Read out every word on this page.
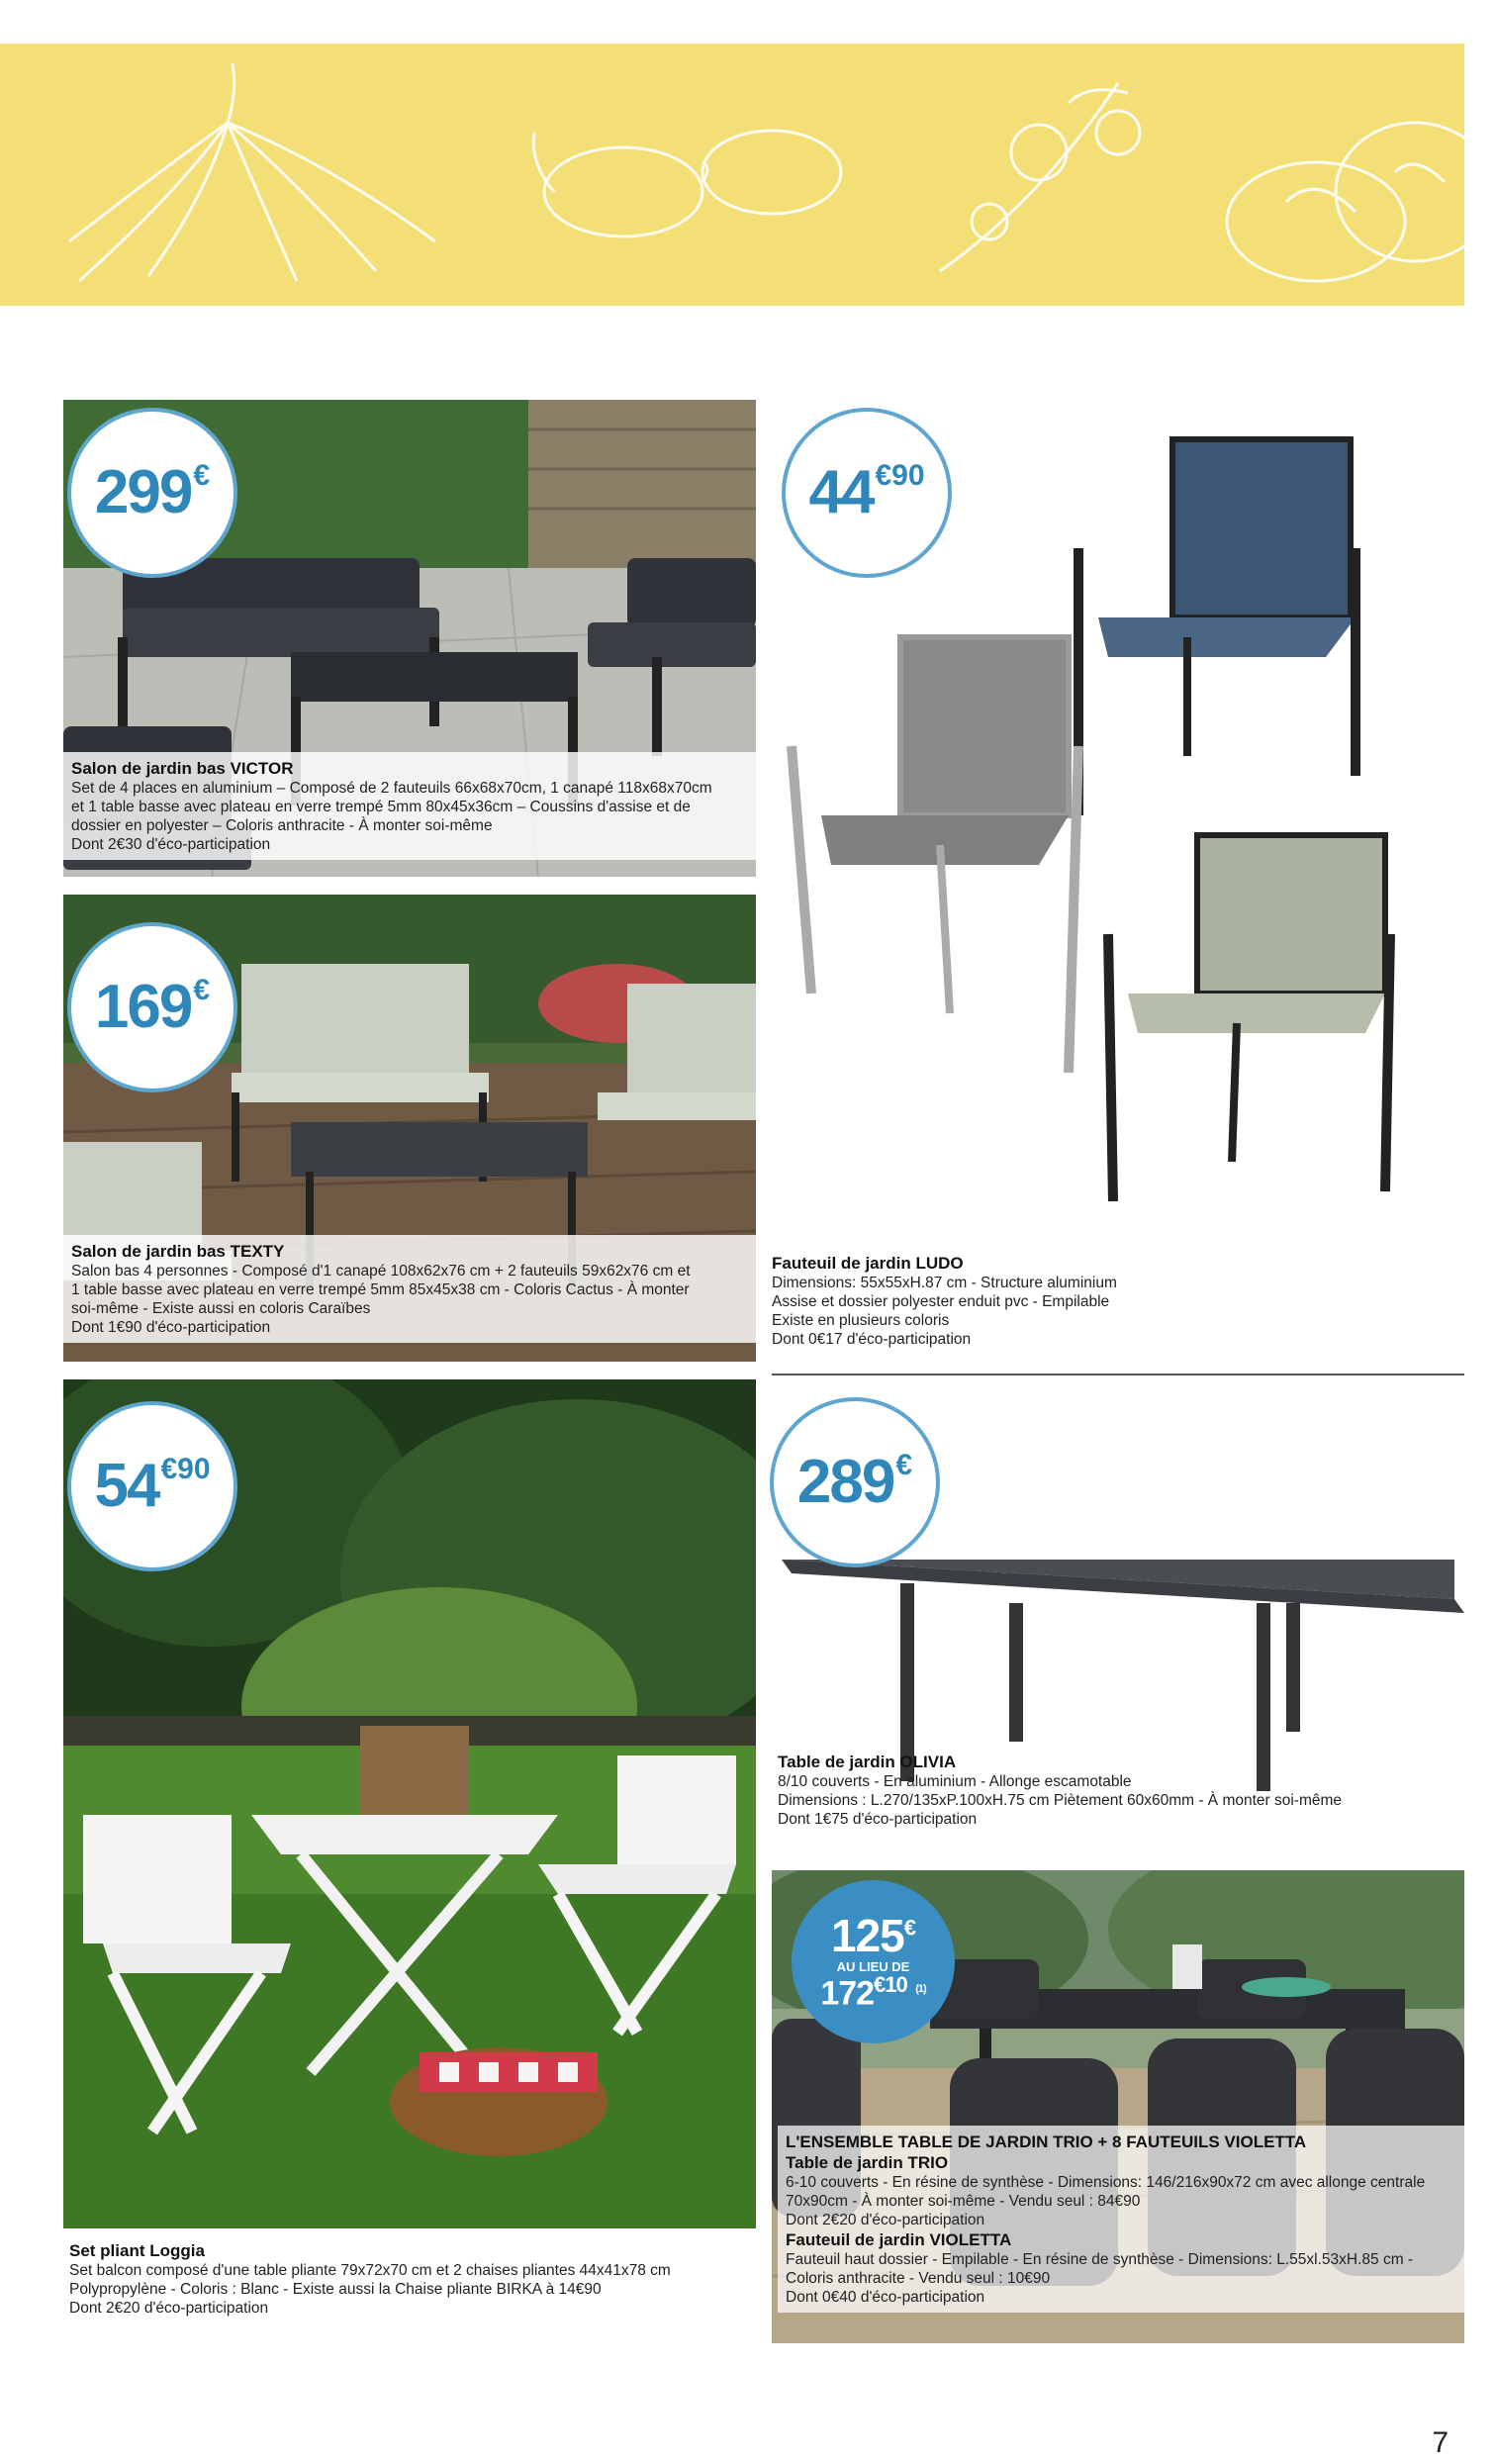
299 €
Salon de jardin bas VICTOR
Set de 4 places en aluminium – Composé de 2 fauteuils 66x68x70cm, 1 canapé 118x68x70cm
et 1 table basse avec plateau en verre trempé 5mm 80x45x36cm – Coussins d'assise et de
dossier en polyester – Coloris anthracite - À monter soi-même
Dont 2€30 d'éco-participation
169 €
Salon de jardin bas TEXTY
Salon bas 4 personnes - Composé d'1 canapé 108x62x76 cm + 2 fauteuils 59x62x76 cm et
1 table basse avec plateau en verre trempé 5mm 85x45x38 cm - Coloris Cactus - À monter
soi-même - Existe aussi en coloris Caraïbes
Dont 1€90 d'éco-participation
44 €90
Fauteuil de jardin LUDO
Dimensions: 55x55xH.87 cm - Structure aluminium
Assise et dossier polyester enduit pvc - Empilable
Existe en plusieurs coloris
Dont 0€17 d'éco-participation
54 €90
Set pliant Loggia
Set balcon composé d'une table pliante 79x72x70 cm et 2 chaises pliantes 44x41x78 cm
Polypropylène - Coloris : Blanc - Existe aussi la Chaise pliante BIRKA à 14€90
Dont 2€20 d'éco-participation
289 €
Table de jardin OLIVIA
8/10 couverts - En aluminium - Allonge escamotable
Dimensions : L.270/135xP.100xH.75 cm Piètement 60x60mm - À monter soi-même
Dont 1€75 d'éco-participation
125€
AU LIEU DE
$172^{€10}$ $^{(1)}$
L'ENSEMBLE TABLE DE JARDIN TRIO + 8 FAUTEUILS VIOLETTA
Table de jardin TRIO
6-10 couverts - En résine de synthèse - Dimensions: 146/216x90x72 cm avec allonge centrale
70x90cm - À monter soi-même - Vendu seul : 84€90
Dont 2€20 d'éco-participation
Fauteuil de jardin VIOLETTA
Fauteuil haut dossier - Empilable - En résine de synthèse - Dimensions: L.55xl.53xH.85 cm -
Coloris anthracite - Vendu seul : 10€90
Dont 0€40 d'éco-participation
7
